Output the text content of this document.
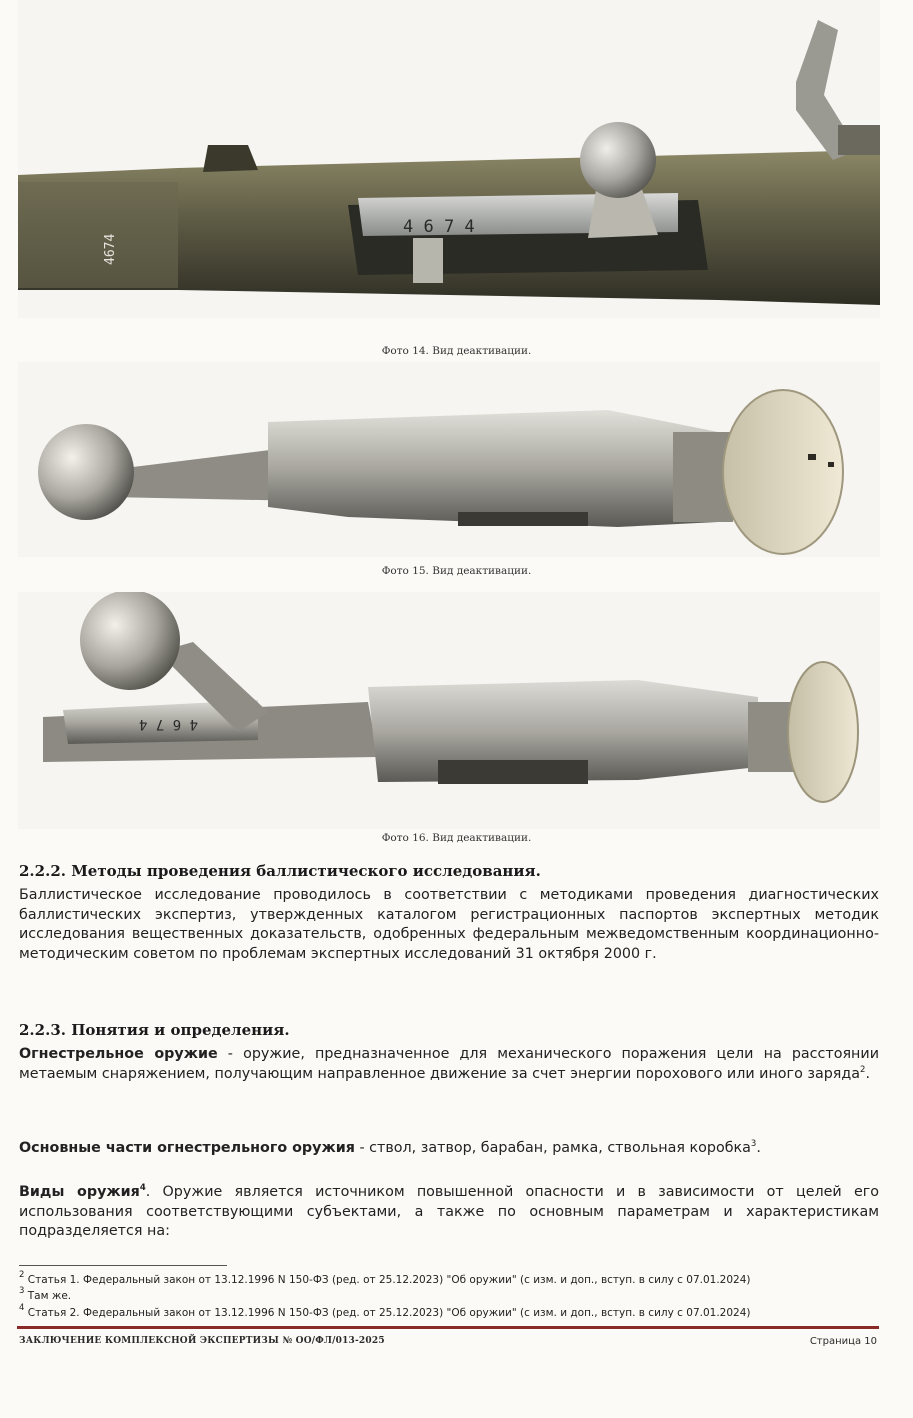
4 6 7 4
4674
Фото 14. Вид деактивации.
Фото 15. Вид деактивации.
4 6 7 4
Фото 16. Вид деактивации.
2.2.2. Методы проведения баллистического исследования.
Баллистическое исследование проводилось в соответствии с методиками проведения диагностических баллистических экспертиз, утвержденных каталогом регистрационных паспортов экспертных методик исследования вещественных доказательств, одобренных федеральным межведомственным координационно-методическим советом по проблемам экспертных исследований 31 октября 2000 г.
2.2.3. Понятия и определения.
Огнестрельное оружие - оружие, предназначенное для механического поражения цели на расстоянии метаемым снаряжением, получающим направленное движение за счет энергии порохового или иного заряда$^2$.
Основные части огнестрельного оружия - ствол, затвор, барабан, рамка, ствольная коробка$^3$.
Виды оружия$^4$. Оружие является источником повышенной опасности и в зависимости от целей его использования соответствующими субъектами, а также по основным параметрам и характеристикам подразделяется на:
$^2$ Статья 1. Федеральный закон от 13.12.1996 N 150-ФЗ (ред. от 25.12.2023) "Об оружии" (с изм. и доп., вступ. в силу с 07.01.2024)
$^3$ Там же.
$^4$ Статья 2. Федеральный закон от 13.12.1996 N 150-ФЗ (ред. от 25.12.2023) "Об оружии" (с изм. и доп., вступ. в силу с 07.01.2024)
ЗАКЛЮЧЕНИЕ КОМПЛЕКСНОЙ ЭКСПЕРТИЗЫ № ОО/ФЛ/013-2025	Страница 10
